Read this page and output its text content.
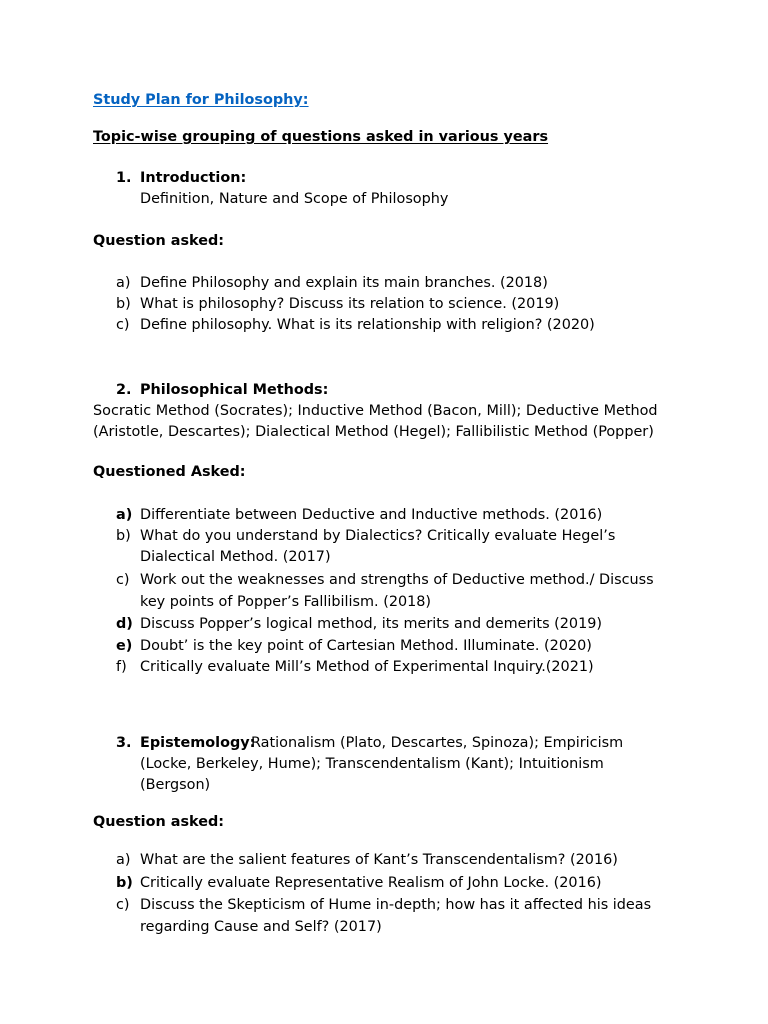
Study Plan for Philosophy:
Topic-wise grouping of questions asked in various years
1. Introduction:
Definition, Nature and Scope of Philosophy
Question asked:
a) Define Philosophy and explain its main branches. (2018)
b) What is philosophy? Discuss its relation to science. (2019)
c) Define philosophy. What is its relationship with religion? (2020)
2. Philosophical Methods:
Socratic Method (Socrates); Inductive Method (Bacon, Mill); Deductive Method
(Aristotle, Descartes); Dialectical Method (Hegel); Fallibilistic Method (Popper)
Questioned Asked:
a) Differentiate between Deductive and Inductive methods. (2016)
b) What do you understand by Dialectics? Critically evaluate Hegel’s
Dialectical Method. (2017)
c) Work out the weaknesses and strengths of Deductive method./ Discuss
key points of Popper’s Fallibilism. (2018)
d) Discuss Popper’s logical method, its merits and demerits (2019)
e) Doubt’ is the key point of Cartesian Method. Illuminate. (2020)
f) Critically evaluate Mill’s Method of Experimental Inquiry.(2021)
3. Epistemology:
Rationalism (Plato, Descartes, Spinoza); Empiricism
(Locke, Berkeley, Hume); Transcendentalism (Kant); Intuitionism
(Bergson)
Question asked:
a) What are the salient features of Kant’s Transcendentalism? (2016)
b) Critically evaluate Representative Realism of John Locke. (2016)
c) Discuss the Skepticism of Hume in-depth; how has it affected his ideas
regarding Cause and Self? (2017)
